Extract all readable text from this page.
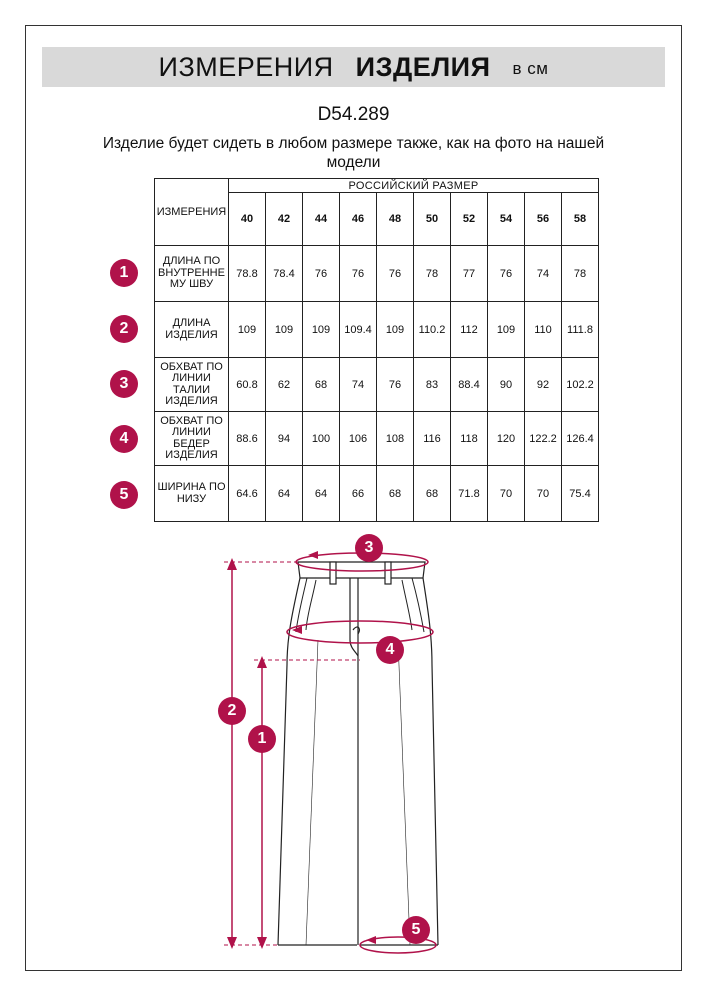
ИЗМЕРЕНИЯ ИЗДЕЛИЯ в см
D54.289
Изделие будет сидеть в любом размере также, как на фото на нашей модели
ИЗМЕРЕНИЯ	РОССИЙСКИЙ РАЗМЕР									
	40	42	44	46	48	50	52	54	56	58
ДЛИНА ПО ВНУТРЕННЕ МУ ШВУ	78.8	78.4	76	76	76	78	77	76	74	78
ДЛИНА ИЗДЕЛИЯ	109	109	109	109.4	109	110.2	112	109	110	111.8
ОБХВАТ ПО ЛИНИИ ТАЛИИ ИЗДЕЛИЯ	60.8	62	68	74	76	83	88.4	90	92	102.2
ОБХВАТ ПО ЛИНИИ БЕДЕР ИЗДЕЛИЯ	88.6	94	100	106	108	116	118	120	122.2	126.4
ШИРИНА ПО НИЗУ	64.6	64	64	66	68	68	71.8	70	70	75.4
1
2
3
4
5
3
4
2
1
5
